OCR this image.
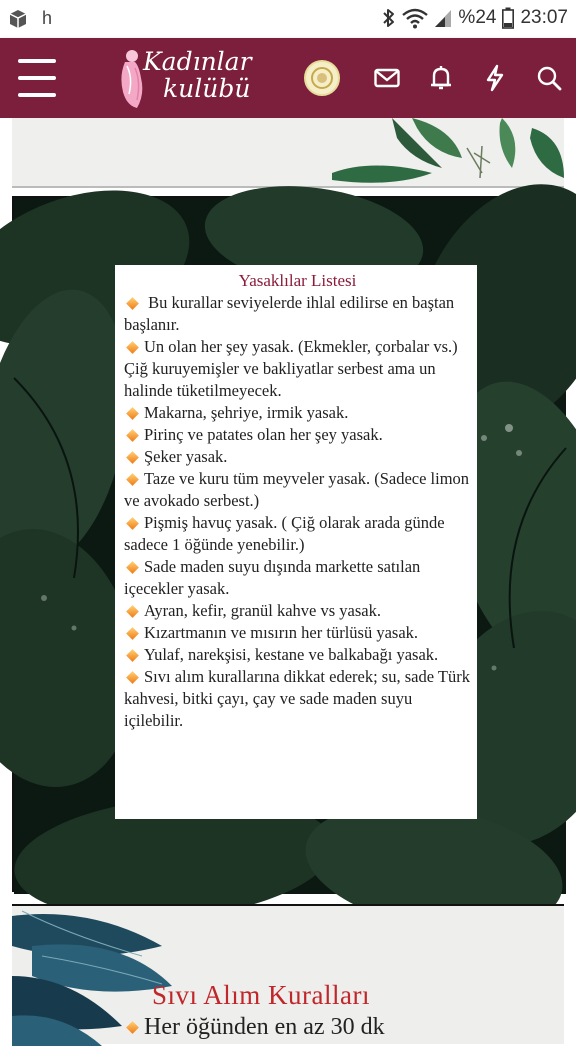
h	%24 23:07
Kadınlar
kulübü
Yasaklılar Listesi
Bu kurallar seviyelerde ihlal edilirse en baştan başlanır.
Un olan her şey yasak. (Ekmekler, çorbalar vs.) Çiğ kuruyemişler ve bakliyatlar serbest ama un halinde tüketilmeyecek.
Makarna, şehriye, irmik yasak.
Pirinç ve patates olan her şey yasak.
Şeker yasak.
Taze ve kuru tüm meyveler yasak. (Sadece limon ve avokado serbest.)
Pişmiş havuç yasak. ( Çiğ olarak arada günde sadece 1 öğünde yenebilir.)
Sade maden suyu dışında markette satılan içecekler yasak.
Ayran, kefir, granül kahve vs yasak.
Kızartmanın ve mısırın her türlüsü yasak.
Yulaf, narekşisi, kestane ve balkabağı yasak.
Sıvı alım kurallarına dikkat ederek; su, sade Türk kahvesi, bitki çayı, çay ve sade maden suyu içilebilir.
Sıvı Alım Kuralları
Her öğünden en az 30 dk
